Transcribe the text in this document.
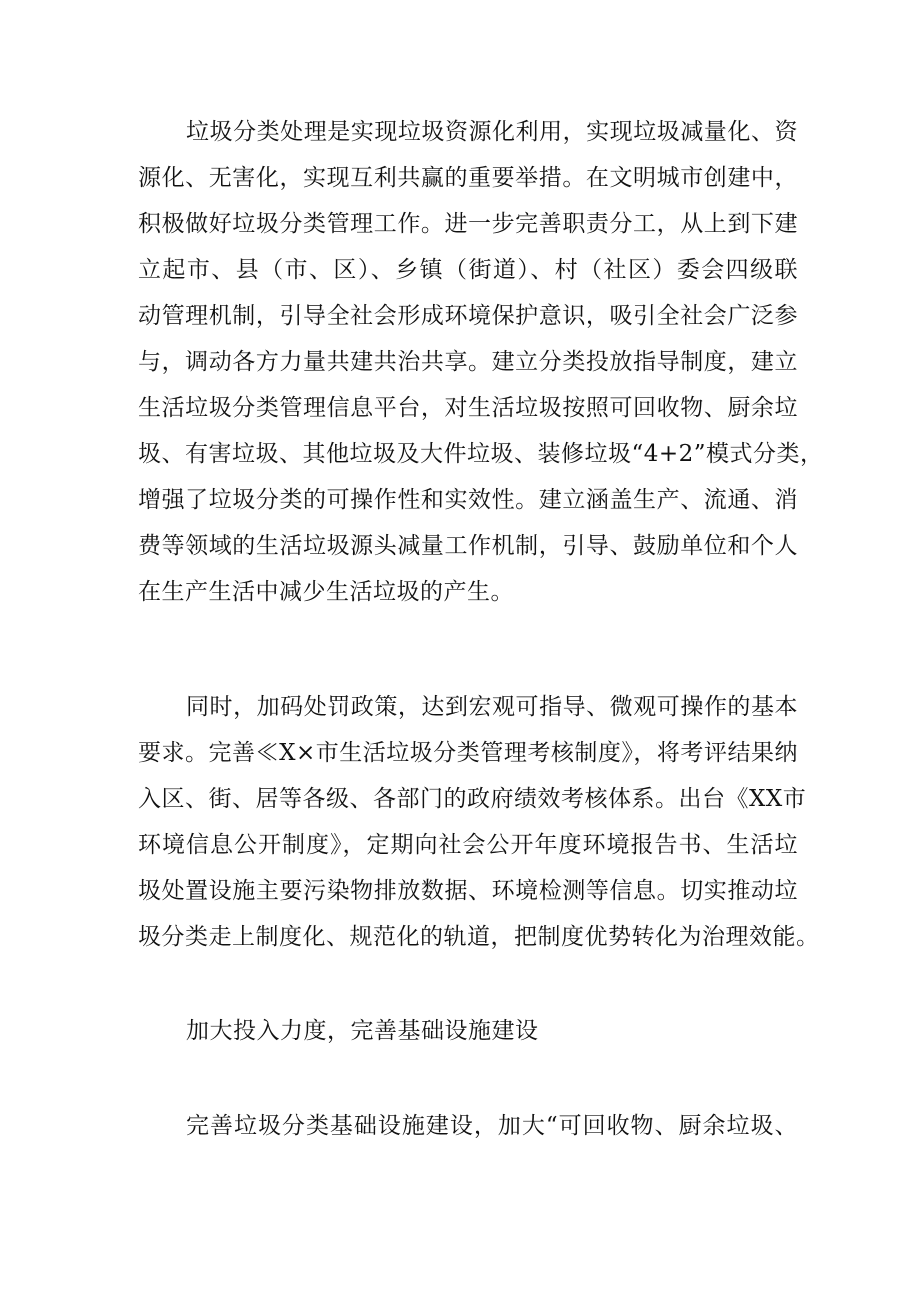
垃圾分类处理是实现垃圾资源化利用，实现垃圾减量化、资
源化、无害化，实现互利共赢的重要举措。在文明城市创建中，
积极做好垃圾分类管理工作。进一步完善职责分工，从上到下建
立起市、县（市、区）、乡镇（街道）、村（社区）委会四级联
动管理机制，引导全社会形成环境保护意识，吸引全社会广泛参
与，调动各方力量共建共治共享。建立分类投放指导制度，建立
生活垃圾分类管理信息平台，对生活垃圾按照可回收物、厨余垃
圾、有害垃圾、其他垃圾及大件垃圾、装修垃圾“4+2”模式分类，
增强了垃圾分类的可操作性和实效性。建立涵盖生产、流通、消
费等领域的生活垃圾源头减量工作机制，引导、鼓励单位和个人
在生产生活中减少生活垃圾的产生。
同时，加码处罚政策，达到宏观可指导、微观可操作的基本
要求。完善≪X×市生活垃圾分类管理考核制度》，将考评结果纳
入区、街、居等各级、各部门的政府绩效考核体系。出台《XX市
环境信息公开制度》，定期向社会公开年度环境报告书、生活垃
圾处置设施主要污染物排放数据、环境检测等信息。切实推动垃
圾分类走上制度化、规范化的轨道，把制度优势转化为治理效能。
加大投入力度，完善基础设施建设
完善垃圾分类基础设施建设，加大“可回收物、厨余垃圾、
